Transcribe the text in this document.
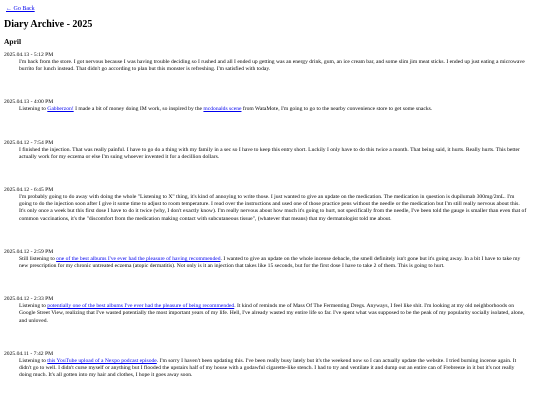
← Go Back
Diary Archive - 2025
April
2025.04.13 - 5:12 PM
I'm back from the store. I got nervous because I was having trouble deciding so I rushed and all I ended up getting was an energy drink, gum, an ice cream bar, and some slim jim meat sticks. I ended up just eating a microwave burrito for lunch instead. That didn't go according to plan but this monster is refreshing. I'm satisfied with today.
2025.04.13 - 4:00 PM
Listening to Gabberzon! I made a bit of money doing IM work, so inspired by the mcdonalds scene from WataMote, I'm going to go to the nearby convenience store to get some snacks.
2025.04.12 - 7:54 PM
I finished the injection. That was really painful. I have to go do a thing with my family in a sec so I have to keep this entry short. Luckily I only have to do this twice a month. That being said, it hurts. Really hurts. This better actually work for my eczema or else I'm suing whoever invented it for a decillion dollars.
2025.04.12 - 6:45 PM
I'm probably going to do away with doing the whole "Listening to X" thing, it's kind of annoying to write those. I just wanted to give an update on the medication. The medication in question is dupilumab 300mg/2mL. I'm going to do the injection soon after I give it some time to adjust to room temperature. I read over the instructions and used one of those practice pens without the needle or the medication but I'm still really nervous about this. It's only once a week but this first dose I have to do it twice (why, I don't exactly know). I'm really nervous about how much it's going to hurt, not specifically from the needle, I've been told the gauge is smaller than even that of common vaccinations, it's the "discomfort from the medication making contact with subcutaneous tissue", (whatever that means) that my dermatologist told me about.
2025.04.12 - 2:59 PM
Still listening to one of the best albums I've ever had the pleasure of having recommended. I wanted to give an update on the whole incense debacle, the smell definitely isn't gone but it's going away. In a bit I have to take my new prescription for my chronic untreated eczema (atopic dermatitis). Not only is it an injection that takes like 15 seconds, but for the first dose I have to take 2 of them. This is going to hurt.
2025.04.12 - 2:33 PM
Listening to potentially one of the best albums I've ever had the pleasure of being recommended. It kind of reminds me of Mass Of The Fermenting Dregs. Anyways, I feel like shit. I'm looking at my old neighborhoods on Google Street View, realizing that I've wasted potentially the most important years of my life. Hell, I've already wasted my entire life so far. I've spent what was supposed to be the peak of my popularity socially isolated, alone, and unloved.
2025.04.11 - 7:42 PM
Listening to this YouTube upload of a Nexpo podcast episode. I'm sorry I haven't been updating this. I've been really busy lately but it's the weekend now so I can actually update the website. I tried burning incense again. It didn't go to well. I didn't curse myself or anything but I flooded the upstairs half of my house with a godawful cigarette-like stench. I had to try and ventilate it and dump out an entire can of Frebreeze in it but it's not really doing much. It's all gotten into my hair and clothes, I hope it goes away soon.
